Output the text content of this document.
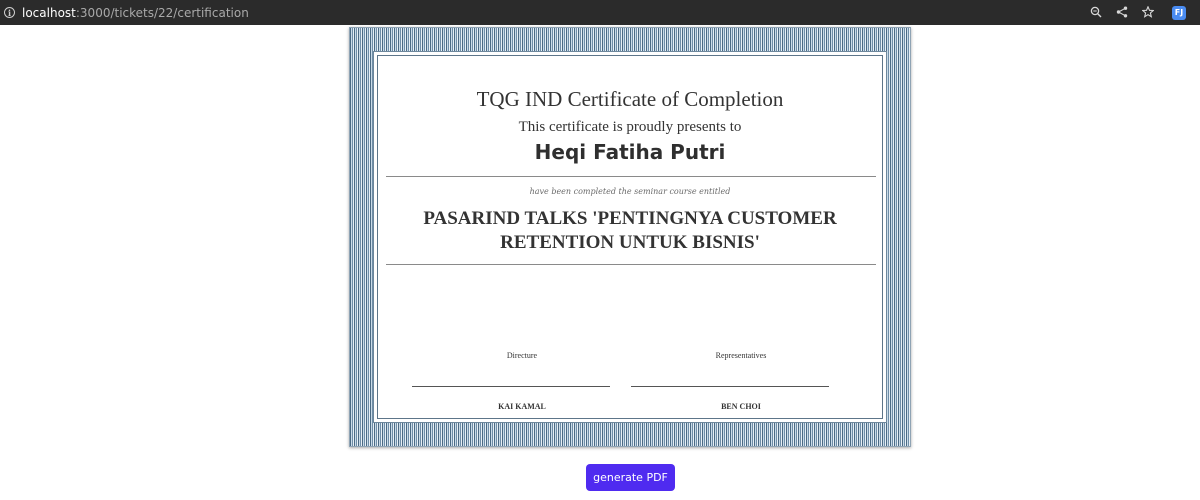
i localhost:3000/tickets/22/certification	FJ
TQG IND Certificate of Completion
This certificate is proudly presents to
Heqi Fatiha Putri
have been completed the seminar course entitled
PASARIND TALKS 'PENTINGNYA CUSTOMER RETENTION UNTUK BISNIS'
Directure
KAI KAMAL
Representatives
BEN CHOI
generate PDF
